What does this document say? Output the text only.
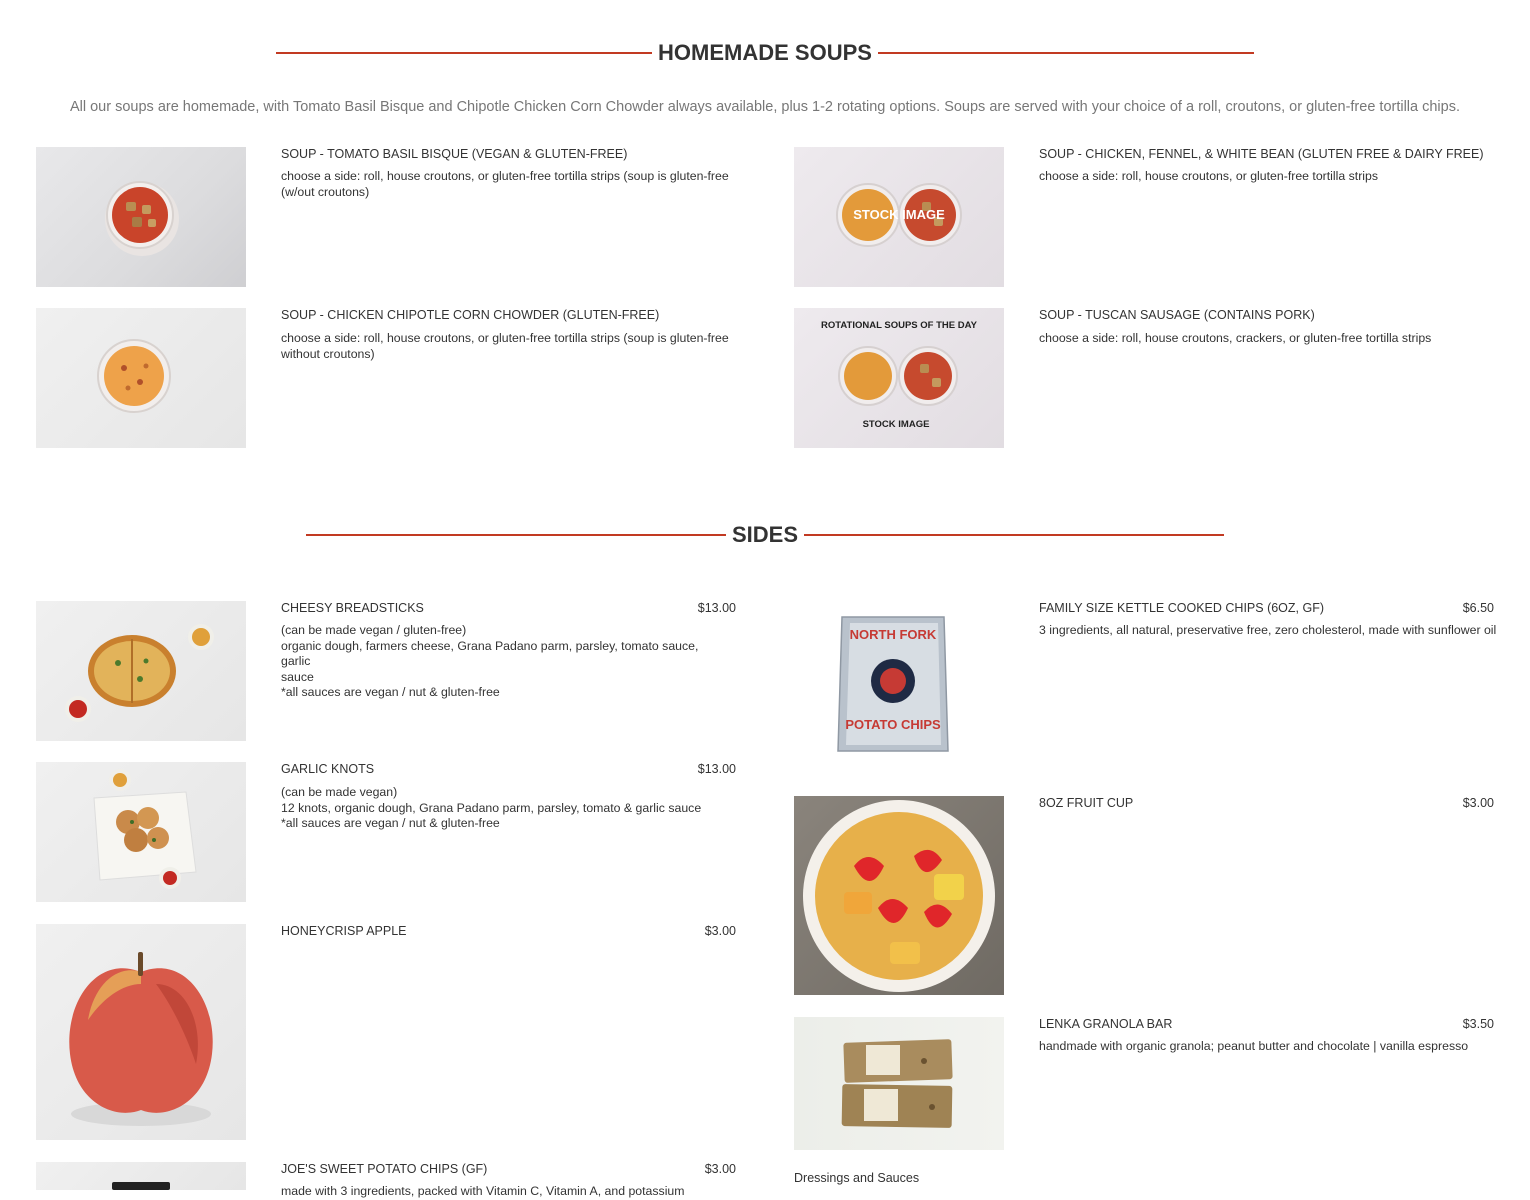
HOMEMADE SOUPS
All our soups are homemade, with Tomato Basil Bisque and Chipotle Chicken Corn Chowder always available, plus 1-2 rotating options. Soups are served with your choice of a roll, croutons, or gluten-free tortilla chips.
SOUP - TOMATO BASIL BISQUE (VEGAN & GLUTEN-FREE)
choose a side: roll, house croutons, or gluten-free tortilla strips (soup is gluten-free
(w/out croutons)
STOCK IMAGE
SOUP - CHICKEN, FENNEL, & WHITE BEAN (GLUTEN FREE & DAIRY FREE)
choose a side: roll, house croutons, or gluten-free tortilla strips
SOUP - CHICKEN CHIPOTLE CORN CHOWDER (GLUTEN-FREE)
choose a side: roll, house croutons, or gluten-free tortilla strips (soup is gluten-free
without croutons)
ROTATIONAL SOUPS OF THE DAY
STOCK IMAGE
SOUP - TUSCAN SAUSAGE (CONTAINS PORK)
choose a side: roll, house croutons, crackers, or gluten-free tortilla strips
SIDES
CHEESY BREADSTICKS	$13.00
(can be made vegan / gluten-free)
organic dough, farmers cheese, Grana Padano parm, parsley, tomato sauce, garlic
sauce
*all sauces are vegan / nut & gluten-free
NORTH FORK
POTATO CHIPS
FAMILY SIZE KETTLE COOKED CHIPS (6OZ, GF)	$6.50
3 ingredients, all natural, preservative free, zero cholesterol, made with sunflower oil
GARLIC KNOTS	$13.00
(can be made vegan)
12 knots, organic dough, Grana Padano parm, parsley, tomato & garlic sauce
*all sauces are vegan / nut & gluten-free
8OZ FRUIT CUP	$3.00
HONEYCRISP APPLE	$3.00
LENKA GRANOLA BAR	$3.50
handmade with organic granola; peanut butter and chocolate | vanilla espresso
JOE'S SWEET POTATO CHIPS (GF)	$3.00
made with 3 ingredients, packed with Vitamin C, Vitamin A, and potassium
Dressings and Sauces
